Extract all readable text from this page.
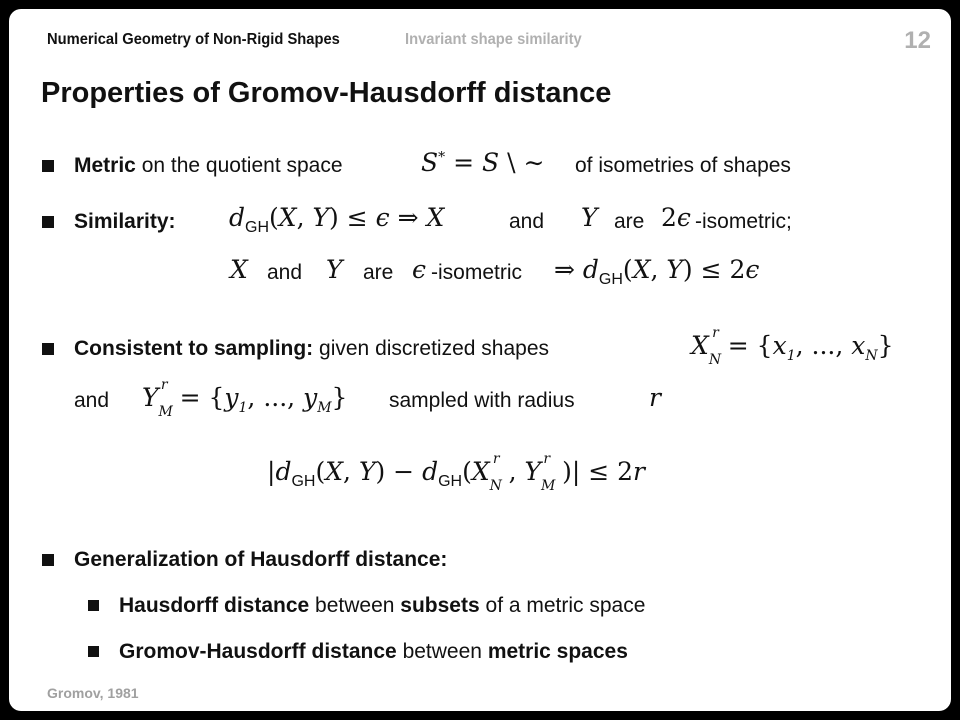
Numerical Geometry of Non-Rigid Shapes	Invariant shape similarity	12
Properties of Gromov-Hausdorff distance
Metric on the quotient space	S* = S \ ∼ of isometries of shapes
Similarity: $d_{GH}(X$, Y) ≤ ϵ ⇒ X	and Y are 2ϵ -isometric;
X and Y are ϵ -isometric ⇒ $d_{GH}(X$, Y) ≤ 2ϵ
Consistent to sampling: given discretized shapes	$X_N^r = \{x_1$, ..., $x_N$}
and $Y_M^r = \{y_1$, ..., $y_M$} sampled with radius	r
$|d_{GH}(X$, $Y) - d_{GH}(X_N^r$ , $Y_M^r$ )| ≤ 2r
Generalization of Hausdorff distance:
Hausdorff distance between subsets of a metric space
Gromov-Hausdorff distance between metric spaces
Gromov, 1981
